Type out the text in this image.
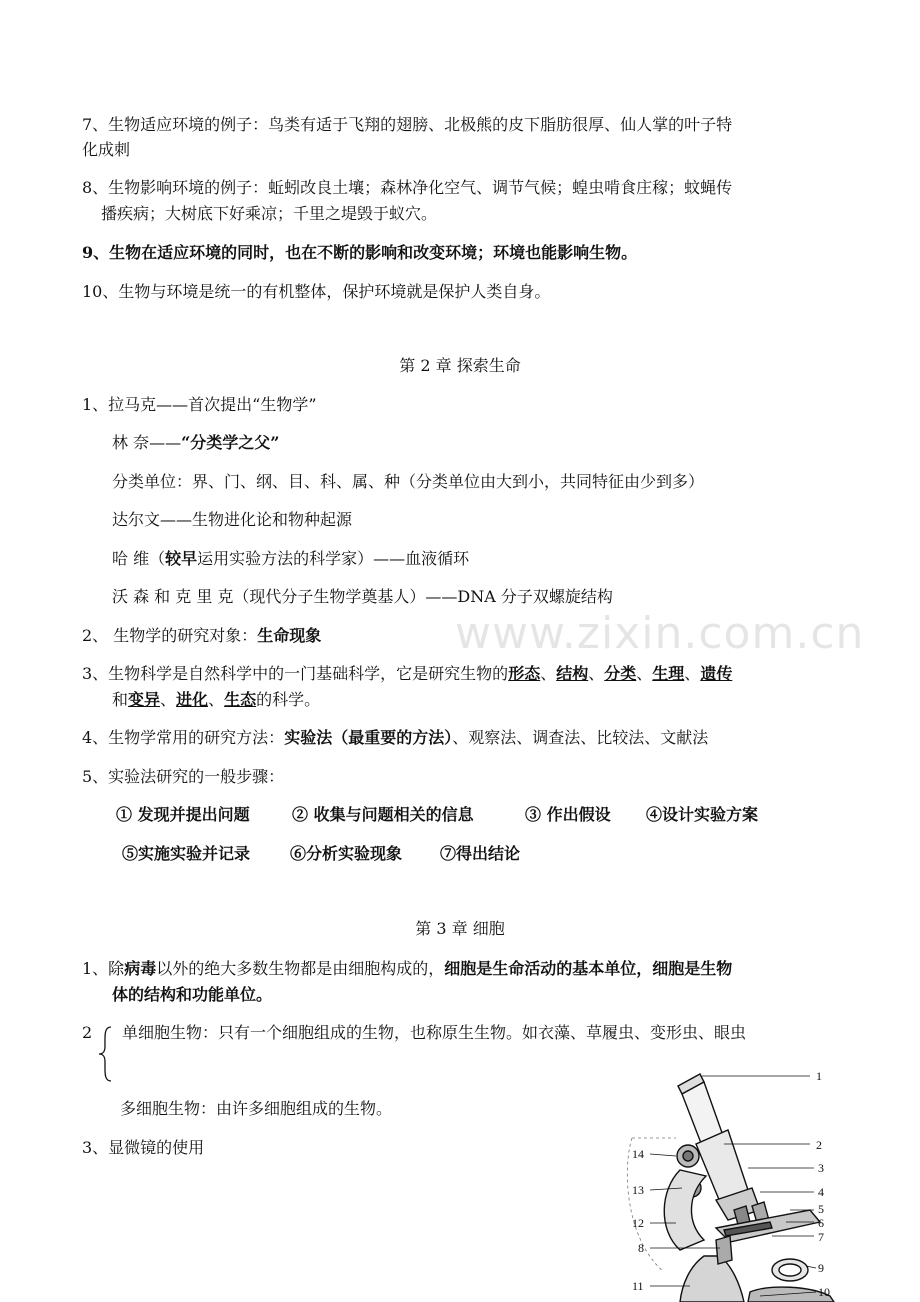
7、生物适应环境的例子：鸟类有适于飞翔的翅膀、北极熊的皮下脂肪很厚、仙人掌的叶子特
化成刺
8、生物影响环境的例子：蚯蚓改良土壤；森林净化空气、调节气候；蝗虫啃食庄稼；蚊蝇传
播疾病；大树底下好乘凉；千里之堤毁于蚁穴。
9、生物在适应环境的同时，也在不断的影响和改变环境；环境也能影响生物。
10、生物与环境是统一的有机整体，保护环境就是保护人类自身。
第 2 章 探索生命
1、拉马克——首次提出“生物学”
林 奈——“分类学之父”
分类单位：界、门、纲、目、科、属、种（分类单位由大到小，共同特征由少到多）
达尔文——生物进化论和物种起源
哈 维（较早运用实验方法的科学家）——血液循环
沃 森 和 克 里 克（现代分子生物学奠基人）——DNA 分子双螺旋结构
2、 生物学的研究对象：生命现象	www.zixin.com.cn
3、生物科学是自然科学中的一门基础科学，它是研究生物的形态、结构、分类、生理、遗传
和变异、进化、生态的科学。
4、生物学常用的研究方法：实验法（最重要的方法）、观察法、调查法、比较法、文献法
5、实验法研究的一般步骤：
① 发现并提出问题	② 收集与问题相关的信息	③ 作出假设 ④设计实验方案
⑤实施实验并记录 ⑥分析实验现象 ⑦得出结论
第 3 章 细胞
1、除病毒以外的绝大多数生物都是由细胞构成的，细胞是生命活动的基本单位，细胞是生物
体的结构和功能单位。
2 单细胞生物：只有一个细胞组成的生物，也称原生生物。如衣藻、草履虫、变形虫、眼虫
多细胞生物：由许多细胞组成的生物。
3、显微镜的使用
1
2
3
4
5
6
7
8
9
10
11
12
13
14
